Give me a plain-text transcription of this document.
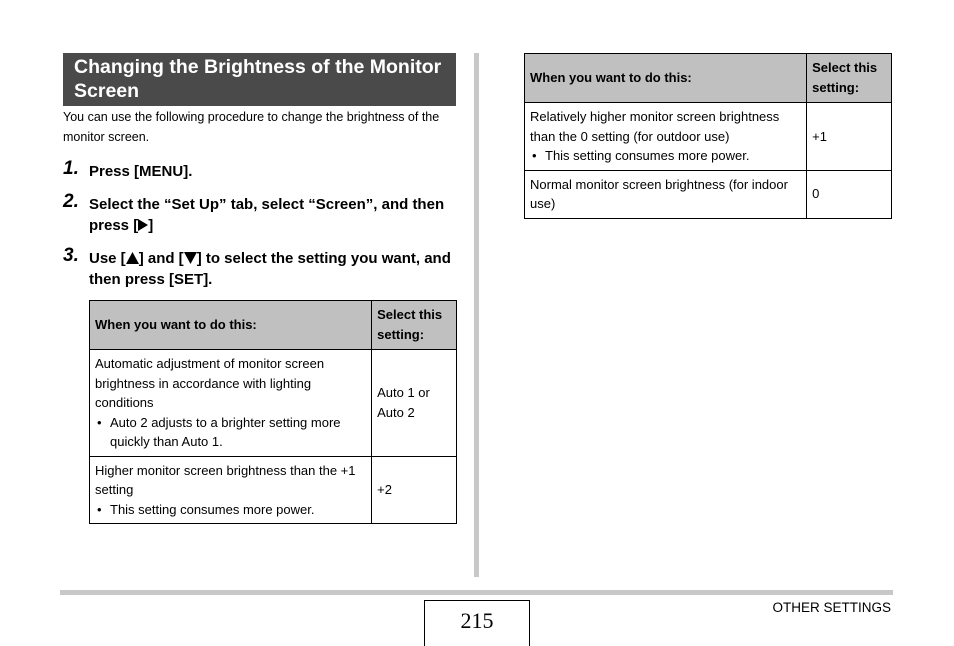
Changing the Brightness of the Monitor Screen
You can use the following procedure to change the brightness of the monitor screen.
1. Press [MENU].
2. Select the “Set Up” tab, select “Screen”, and then press [ ]
3. Use [ ] and [ ] to select the setting you want, and then press [SET].
When you want to do this:	Select this setting:
Automatic adjustment of monitor screen brightness in accordance with lighting conditions
• Auto 2 adjusts to a brighter setting more quickly than Auto 1.	Auto 1 or Auto 2
Higher monitor screen brightness than the +1 setting
• This setting consumes more power.	+2
When you want to do this:	Select this setting:
Relatively higher monitor screen brightness than the 0 setting (for outdoor use)
• This setting consumes more power.	+1
Normal monitor screen brightness (for indoor use)	0
215
OTHER SETTINGS
